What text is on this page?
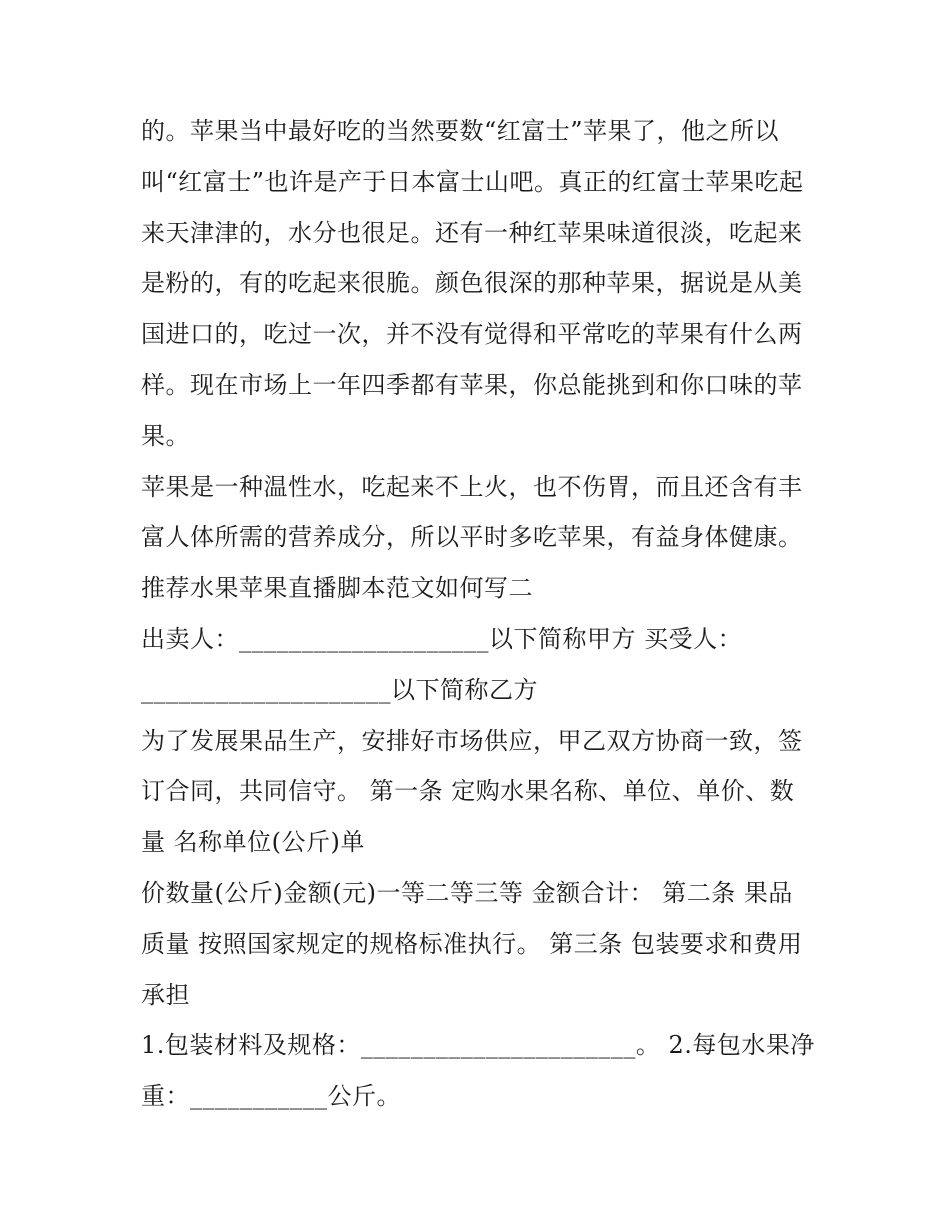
的。苹果当中最好吃的当然要数“红富士”苹果了，他之所以
叫“红富士”也许是产于日本富士山吧。真正的红富士苹果吃起
来天津津的，水分也很足。还有一种红苹果味道很淡，吃起来
是粉的，有的吃起来很脆。颜色很深的那种苹果，据说是从美
国进口的，吃过一次，并不没有觉得和平常吃的苹果有什么两
样。现在市场上一年四季都有苹果，你总能挑到和你口味的苹
果。
苹果是一种温性水，吃起来不上火，也不伤胃，而且还含有丰
富人体所需的营养成分，所以平时多吃苹果，有益身体健康。
推荐水果苹果直播脚本范文如何写二
出卖人：____________________以下简称甲方 买受人：
____________________以下简称乙方
为了发展果品生产，安排好市场供应，甲乙双方协商一致，签
订合同，共同信守。 第一条 定购水果名称、单位、单价、数
量 名称单位(公斤)单
价数量(公斤)金额(元)一等二等三等 金额合计： 第二条 果品
质量 按照国家规定的规格标准执行。 第三条 包装要求和费用
承担
1.包装材料及规格：______________________。 2.每包水果净
重：___________公斤。
